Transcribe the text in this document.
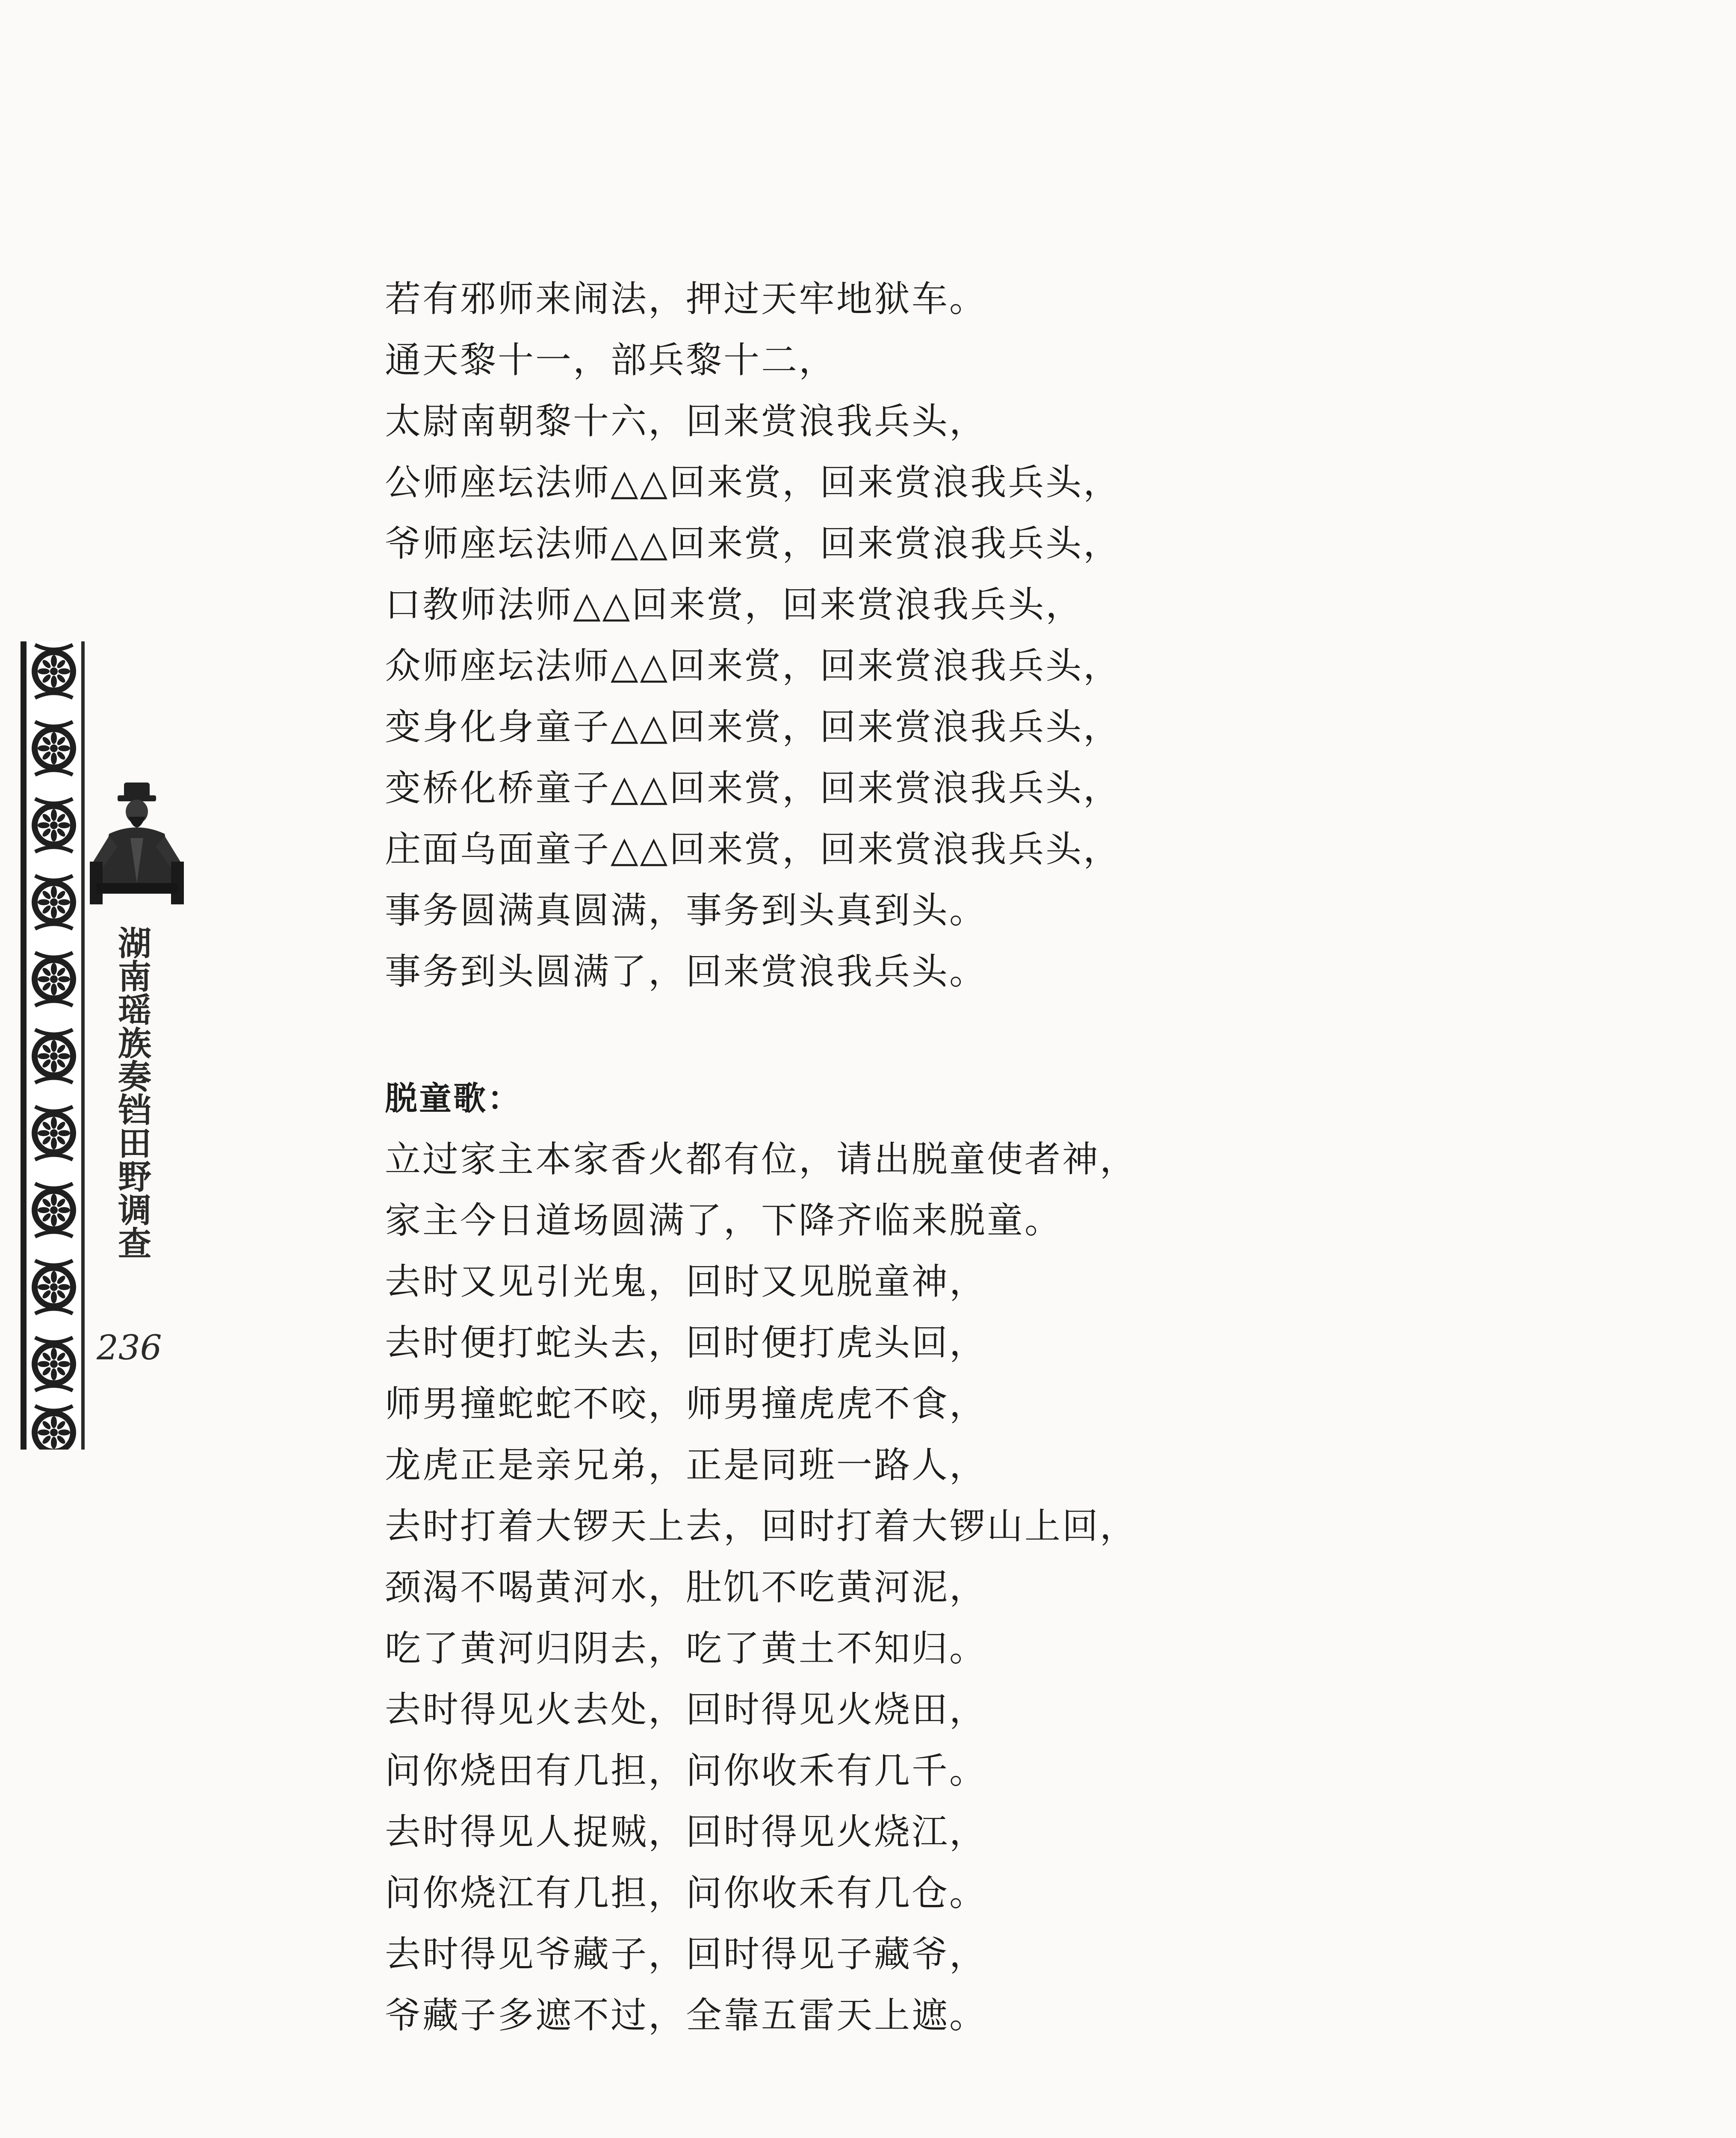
湖南瑶族奏铛田野调查
236
若有邪师来闹法，押过天牢地狱车。
通天黎十一，部兵黎十二，
太尉南朝黎十六，回来赏浪我兵头，
公师座坛法师△△回来赏，回来赏浪我兵头，
爷师座坛法师△△回来赏，回来赏浪我兵头，
口教师法师△△回来赏，回来赏浪我兵头，
众师座坛法师△△回来赏，回来赏浪我兵头，
变身化身童子△△回来赏，回来赏浪我兵头，
变桥化桥童子△△回来赏，回来赏浪我兵头，
庄面乌面童子△△回来赏，回来赏浪我兵头，
事务圆满真圆满，事务到头真到头。
事务到头圆满了，回来赏浪我兵头。
脱童歌：
立过家主本家香火都有位，请出脱童使者神，
家主今日道场圆满了，下降齐临来脱童。
去时又见引光鬼，回时又见脱童神，
去时便打蛇头去，回时便打虎头回，
师男撞蛇蛇不咬，师男撞虎虎不食，
龙虎正是亲兄弟，正是同班一路人，
去时打着大锣天上去，回时打着大锣山上回，
颈渴不喝黄河水，肚饥不吃黄河泥，
吃了黄河归阴去，吃了黄土不知归。
去时得见火去处，回时得见火烧田，
问你烧田有几担，问你收禾有几千。
去时得见人捉贼，回时得见火烧江，
问你烧江有几担，问你收禾有几仓。
去时得见爷藏子，回时得见子藏爷，
爷藏子多遮不过，全靠五雷天上遮。
